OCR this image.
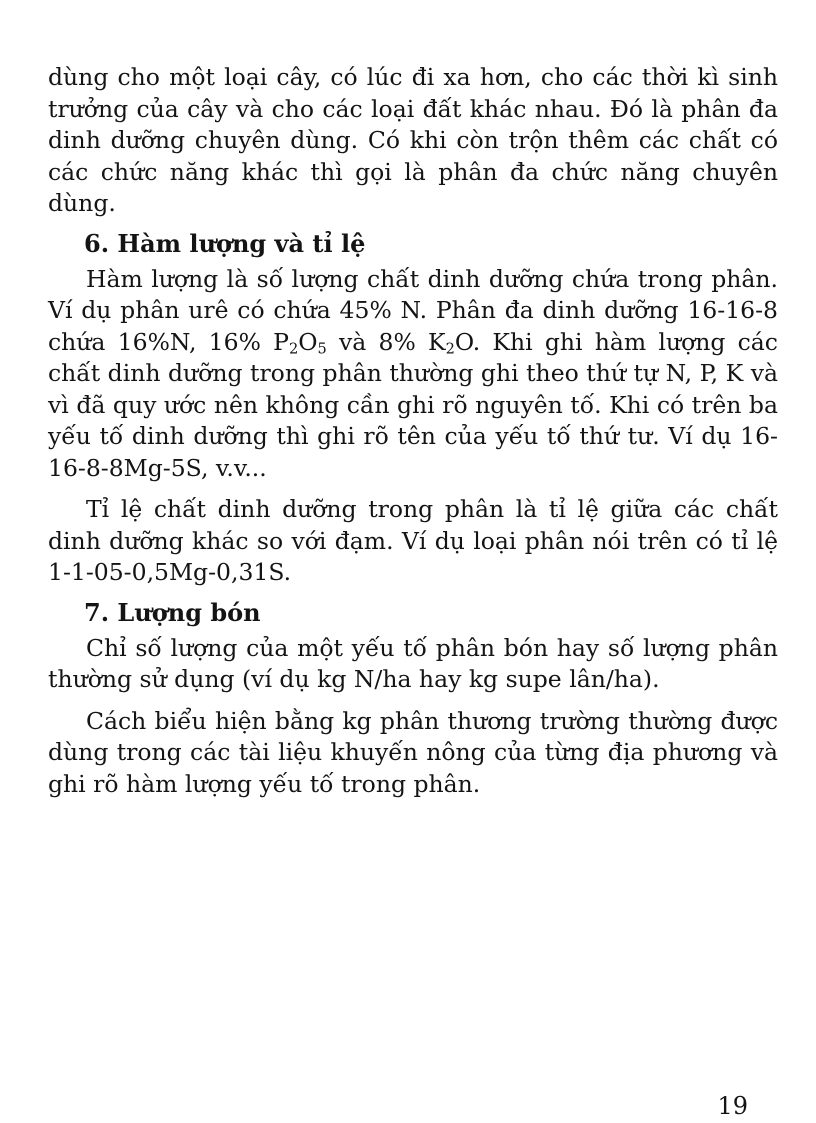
dùng cho một loại cây, có lúc đi xa hơn, cho các thời kì sinh trưởng của cây và cho các loại đất khác nhau. Đó là phân đa dinh dưỡng chuyên dùng. Có khi còn trộn thêm các chất có các chức năng khác thì gọi là phân đa chức năng chuyên dùng.

6. Hàm lượng và tỉ lệ

Hàm lượng là số lượng chất dinh dưỡng chứa trong phân. Ví dụ phân urê có chứa 45% N. Phân đa dinh dưỡng 16-16-8 chứa 16%N, 16% $P_2O_5$ và 8% $K_2O$. Khi ghi hàm lượng các chất dinh dưỡng trong phân thường ghi theo thứ tự N, P, K và vì đã quy ước nên không cần ghi rõ nguyên tố. Khi có trên ba yếu tố dinh dưỡng thì ghi rõ tên của yếu tố thứ tư. Ví dụ 16-16-8-8Mg-5S, v.v...

Tỉ lệ chất dinh dưỡng trong phân là tỉ lệ giữa các chất dinh dưỡng khác so với đạm. Ví dụ loại phân nói trên có tỉ lệ 1-1-05-0,5Mg-0,31S.

7. Lượng bón

Chỉ số lượng của một yếu tố phân bón hay số lượng phân thường sử dụng (ví dụ kg N/ha hay kg supe lân/ha).

Cách biểu hiện bằng kg phân thương trường thường được dùng trong các tài liệu khuyến nông của từng địa phương và ghi rõ hàm lượng yếu tố trong phân.

19
